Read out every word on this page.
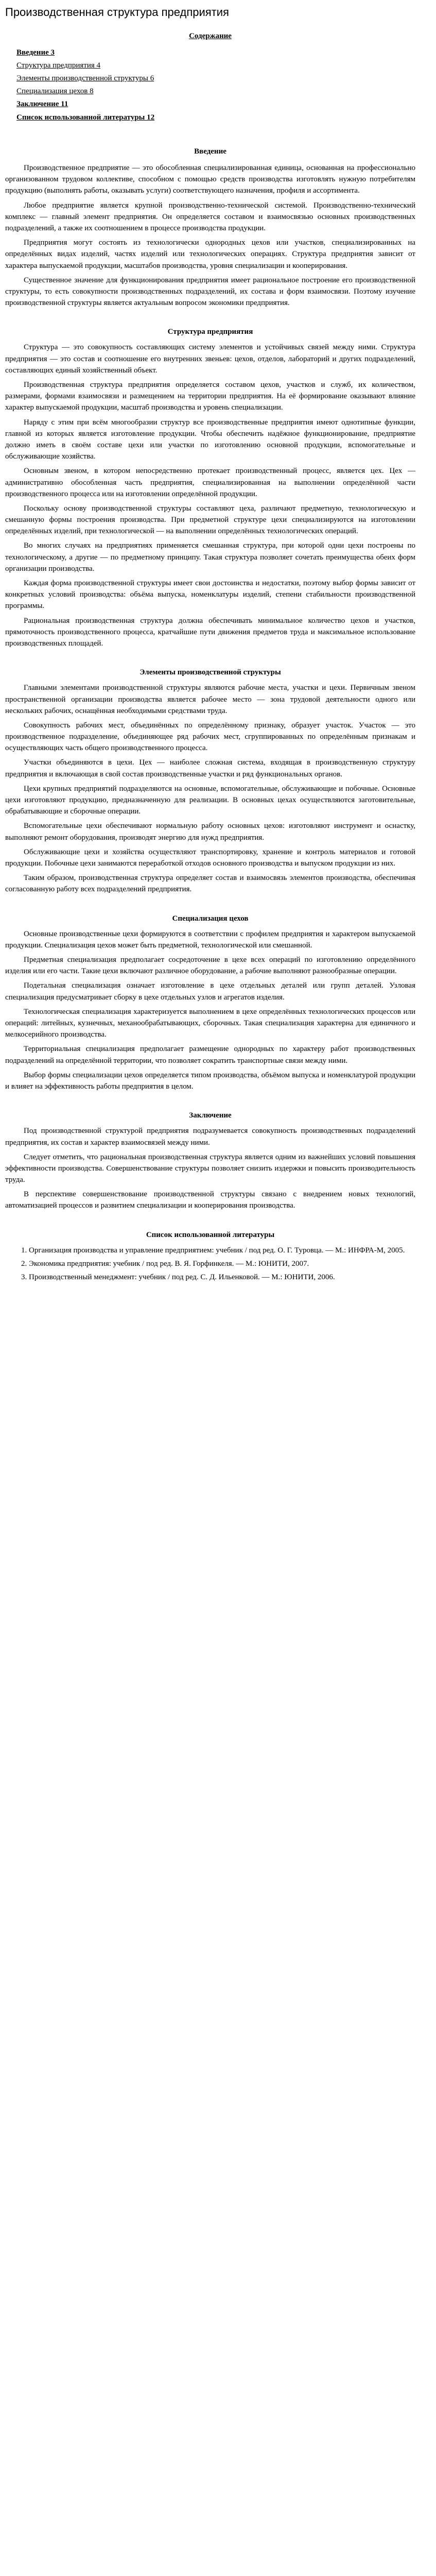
Производственная структура предприятия
Содержание
Введение 3
Структура предприятия 4
Элементы производственной структуры 6
Специализация цехов 8
Заключение 11
Список использованной литературы 12
Введение

Производственное предприятие — это обособленная специализированная единица, основанная на профессионально организованном трудовом коллективе, способном с помощью средств производства изготовлять нужную потребителям продукцию (выполнять работы, оказывать услуги) соответствующего назначения, профиля и ассортимента.

Любое предприятие является крупной производственно-технической системой. Производственно-технический комплекс — главный элемент предприятия. Он определяется составом и взаимосвязью основных производственных подразделений, а также их соотношением в процессе производства продукции.

Предприятия могут состоять из технологически однородных цехов или участков, специализированных на определённых видах изделий, частях изделий или технологических операциях. Структура предприятия зависит от характера выпускаемой продукции, масштабов производства, уровня специализации и кооперирования.

Существенное значение для функционирования предприятия имеет рациональное построение его производственной структуры, то есть совокупности производственных подразделений, их состава и форм взаимосвязи. Поэтому изучение производственной структуры является актуальным вопросом экономики предприятия.

Структура предприятия

Структура — это совокупность составляющих систему элементов и устойчивых связей между ними. Структура предприятия — это состав и соотношение его внутренних звеньев: цехов, отделов, лабораторий и других подразделений, составляющих единый хозяйственный объект.

Производственная структура предприятия определяется составом цехов, участков и служб, их количеством, размерами, формами взаимосвязи и размещением на территории предприятия. На её формирование оказывают влияние характер выпускаемой продукции, масштаб производства и уровень специализации.

Наряду с этим при всём многообразии структур все производственные предприятия имеют однотипные функции, главной из которых является изготовление продукции. Чтобы обеспечить надёжное функционирование, предприятие должно иметь в своём составе цехи или участки по изготовлению основной продукции, вспомогательные и обслуживающие хозяйства.

Основным звеном, в котором непосредственно протекает производственный процесс, является цех. Цех — административно обособленная часть предприятия, специализированная на выполнении определённой части производственного процесса или на изготовлении определённой продукции.

Поскольку основу производственной структуры составляют цеха, различают предметную, технологическую и смешанную формы построения производства. При предметной структуре цехи специализируются на изготовлении определённых изделий, при технологической — на выполнении определённых технологических операций.

Во многих случаях на предприятиях применяется смешанная структура, при которой одни цехи построены по технологическому, а другие — по предметному принципу. Такая структура позволяет сочетать преимущества обеих форм организации производства.

Каждая форма производственной структуры имеет свои достоинства и недостатки, поэтому выбор формы зависит от конкретных условий производства: объёма выпуска, номенклатуры изделий, степени стабильности производственной программы.

Рациональная производственная структура должна обеспечивать минимальное количество цехов и участков, прямоточность производственного процесса, кратчайшие пути движения предметов труда и максимальное использование производственных площадей.

Элементы производственной структуры

Главными элементами производственной структуры являются рабочие места, участки и цехи. Первичным звеном пространственной организации производства является рабочее место — зона трудовой деятельности одного или нескольких рабочих, оснащённая необходимыми средствами труда.

Совокупность рабочих мест, объединённых по определённому признаку, образует участок. Участок — это производственное подразделение, объединяющее ряд рабочих мест, сгруппированных по определённым признакам и осуществляющих часть общего производственного процесса.

Участки объединяются в цехи. Цех — наиболее сложная система, входящая в производственную структуру предприятия и включающая в свой состав производственные участки и ряд функциональных органов.

Цехи крупных предприятий подразделяются на основные, вспомогательные, обслуживающие и побочные. Основные цехи изготовляют продукцию, предназначенную для реализации. В основных цехах осуществляются заготовительные, обрабатывающие и сборочные операции.

Вспомогательные цехи обеспечивают нормальную работу основных цехов: изготовляют инструмент и оснастку, выполняют ремонт оборудования, производят энергию для нужд предприятия.

Обслуживающие цехи и хозяйства осуществляют транспортировку, хранение и контроль материалов и готовой продукции. Побочные цехи занимаются переработкой отходов основного производства и выпуском продукции из них.

Таким образом, производственная структура определяет состав и взаимосвязь элементов производства, обеспечивая согласованную работу всех подразделений предприятия.

Специализация цехов

Основные производственные цехи формируются в соответствии с профилем предприятия и характером выпускаемой продукции. Специализация цехов может быть предметной, технологической или смешанной.

Предметная специализация предполагает сосредоточение в цехе всех операций по изготовлению определённого изделия или его части. Такие цехи включают различное оборудование, а рабочие выполняют разнообразные операции.

Подетальная специализация означает изготовление в цехе отдельных деталей или групп деталей. Узловая специализация предусматривает сборку в цехе отдельных узлов и агрегатов изделия.

Технологическая специализация характеризуется выполнением в цехе определённых технологических процессов или операций: литейных, кузнечных, механообрабатывающих, сборочных. Такая специализация характерна для единичного и мелкосерийного производства.

Территориальная специализация предполагает размещение однородных по характеру работ производственных подразделений на определённой территории, что позволяет сократить транспортные связи между ними.

Выбор формы специализации цехов определяется типом производства, объёмом выпуска и номенклатурой продукции и влияет на эффективность работы предприятия в целом.

Заключение

Под производственной структурой предприятия подразумевается совокупность производственных подразделений предприятия, их состав и характер взаимосвязей между ними.

Следует отметить, что рациональная производственная структура является одним из важнейших условий повышения эффективности производства. Совершенствование структуры позволяет снизить издержки и повысить производительность труда.

В перспективе совершенствование производственной структуры связано с внедрением новых технологий, автоматизацией процессов и развитием специализации и кооперирования производства.

Список использованной литературы
1. Организация производства и управление предприятием: учебник / под ред. О. Г. Туровца. — М.: ИНФРА-М, 2005.
2. Экономика предприятия: учебник / под ред. В. Я. Горфинкеля. — М.: ЮНИТИ, 2007.
3. Производственный менеджмент: учебник / под ред. С. Д. Ильенковой. — М.: ЮНИТИ, 2006.
